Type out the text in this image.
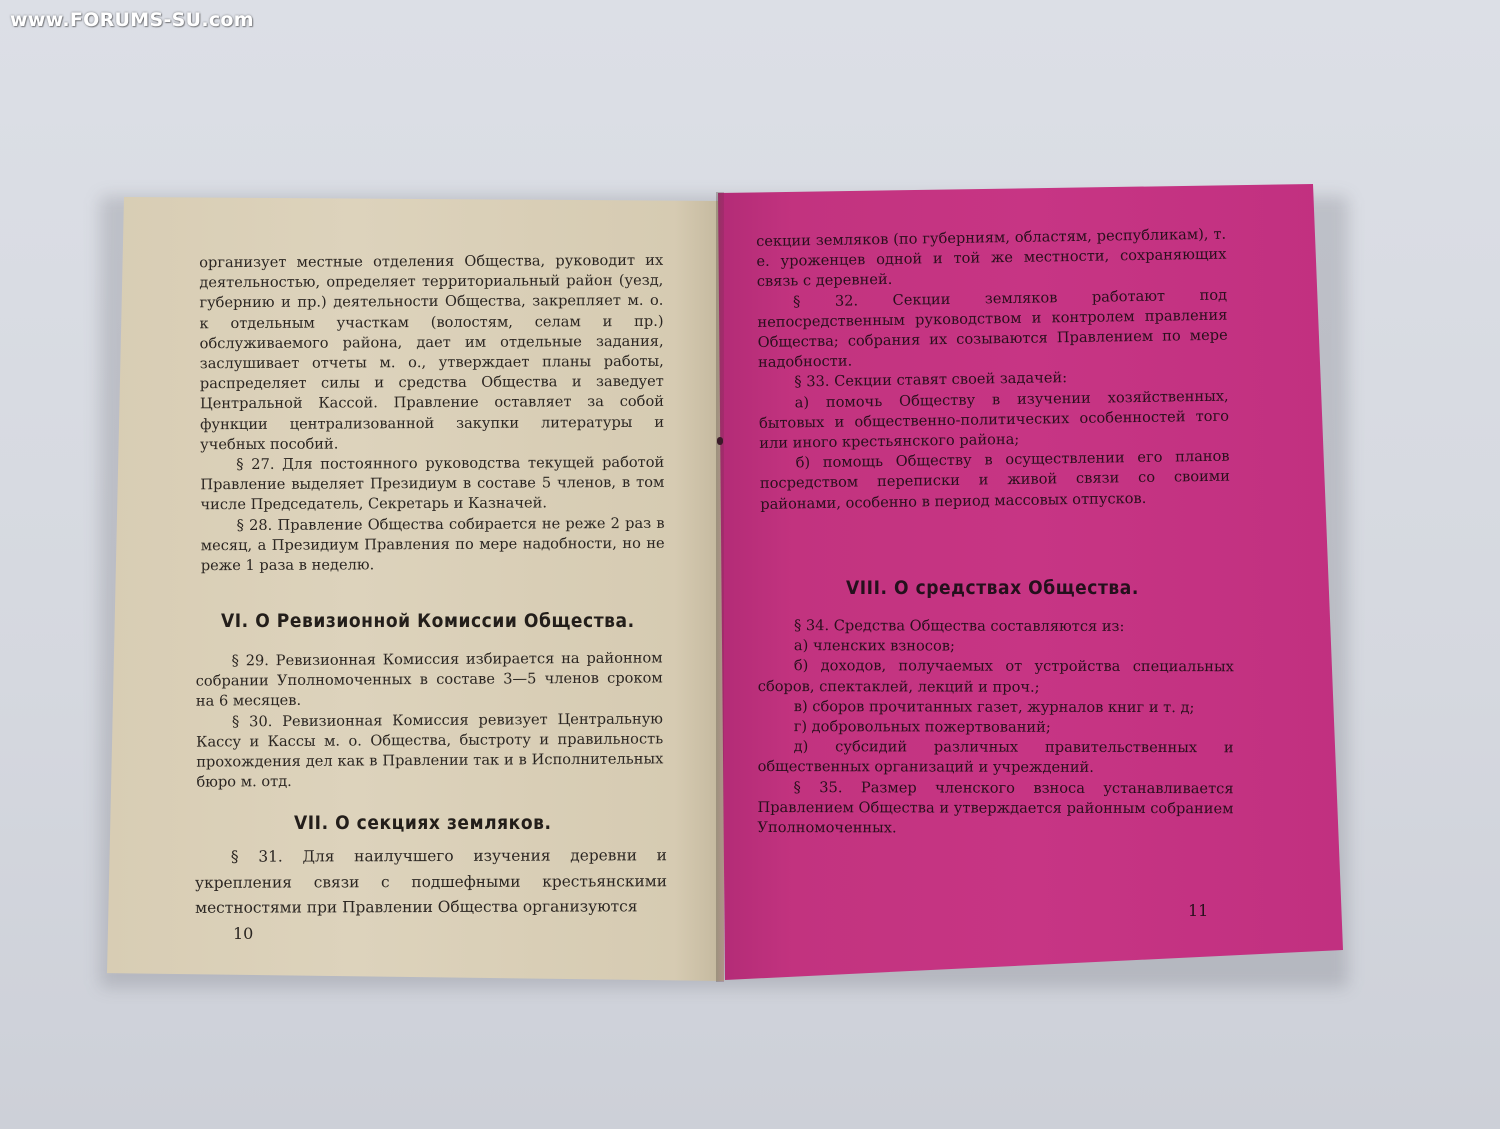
www.FORUMS-SU.com

организует местные отделения Общества, руководит их деятельностью, определяет территориальный район (уезд, губернию и пр.) деятельности Общества, закрепляет м. о. к отдельным участкам (волостям, селам и пр.) обслуживаемого района, дает им отдельные задания, заслушивает отчеты м. о., утверждает планы работы, распределяет силы и средства Общества и заведует Центральной Кассой. Правление оставляет за собой функции централизованной закупки литературы и учебных пособий.

§ 27. Для постоянного руководства текущей работой Правление выделяет Президиум в составе 5 членов, в том числе Председатель, Секретарь и Казначей.

§ 28. Правление Общества собирается не реже 2 раз в месяц, а Президиум Правления по мере надобности, но не реже 1 раза в неделю.

VI. О Ревизионной Комиссии Общества.

§ 29. Ревизионная Комиссия избирается на районном собрании Уполномоченных в составе 3—5 членов сроком на 6 месяцев.

§ 30. Ревизионная Комиссия ревизует Центральную Кассу и Кассы м. о. Общества, быстроту и правильность прохождения дел как в Правлении так и в Исполнительных бюро м. отд.

VII. О секциях земляков.

§ 31. Для наилучшего изучения деревни и укрепления связи с подшефными крестьянскими местностями при Правлении Общества организуются

10

секции земляков (по губерниям, областям, республикам), т. е. уроженцев одной и той же местности, сохраняющих связь с деревней.

§ 32. Секции земляков работают под непосредственным руководством и контролем правления Общества; собрания их созываются Правлением по мере надобности.

§ 33. Секции ставят своей задачей:

а) помочь Обществу в изучении хозяйственных, бытовых и общественно-политических особенностей того или иного крестьянского района;

б) помощь Обществу в осуществлении его планов посредством переписки и живой связи со своими районами, особенно в период массовых отпусков.

VIII. О средствах Общества.

§ 34. Средства Общества составляются из:

а) членских взносов;

б) доходов, получаемых от устройства специальных сборов, спектаклей, лекций и проч.;

в) сборов прочитанных газет, журналов книг и т. д;

г) добровольных пожертвований;

д) субсидий различных правительственных и общественных организаций и учреждений.

§ 35. Размер членского взноса устанавливается Правлением Общества и утверждается районным собранием Уполномоченных.

11
